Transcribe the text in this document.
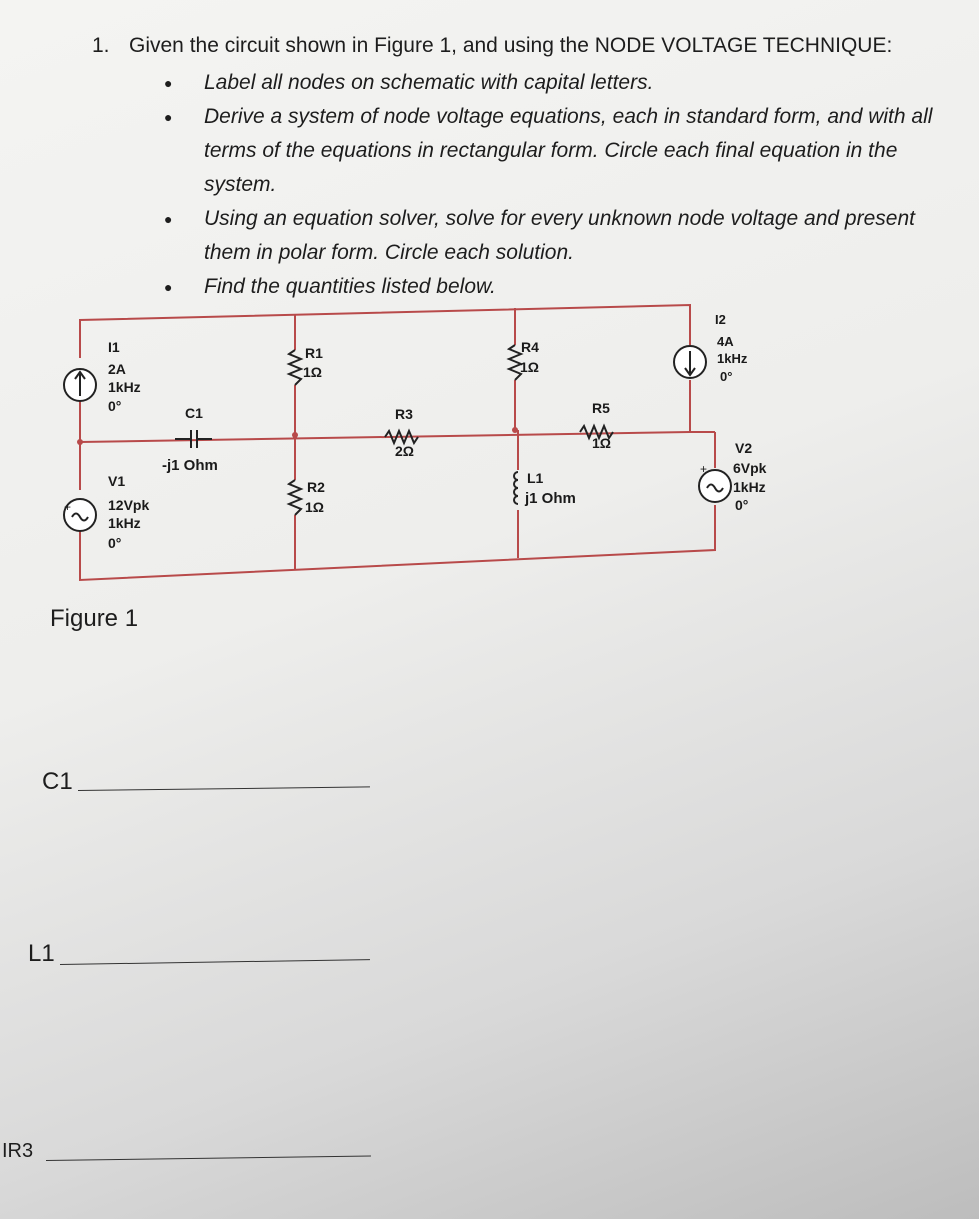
1. Given the circuit shown in Figure 1, and using the NODE VOLTAGE TECHNIQUE:
● Label all nodes on schematic with capital letters.
● Derive a system of node voltage equations, each in standard form, and with all terms of the equations in rectangular form. Circle each final equation in the system.
● Using an equation solver, solve for every unknown node voltage and present them in polar form. Circle each solution.
● Find the quantities listed below.
I1
2A
1kHz
0°
+
V1
12Vpk
1kHz
0°
C1
-j1 Ohm
R1
1Ω
R2
1Ω
R3
2Ω
R4
1Ω
L1
j1 Ohm
R5
1Ω
I2
4A
1kHz
0°
+
V2
6Vpk
1kHz
0°
Figure 1
C1
L1
IR3
